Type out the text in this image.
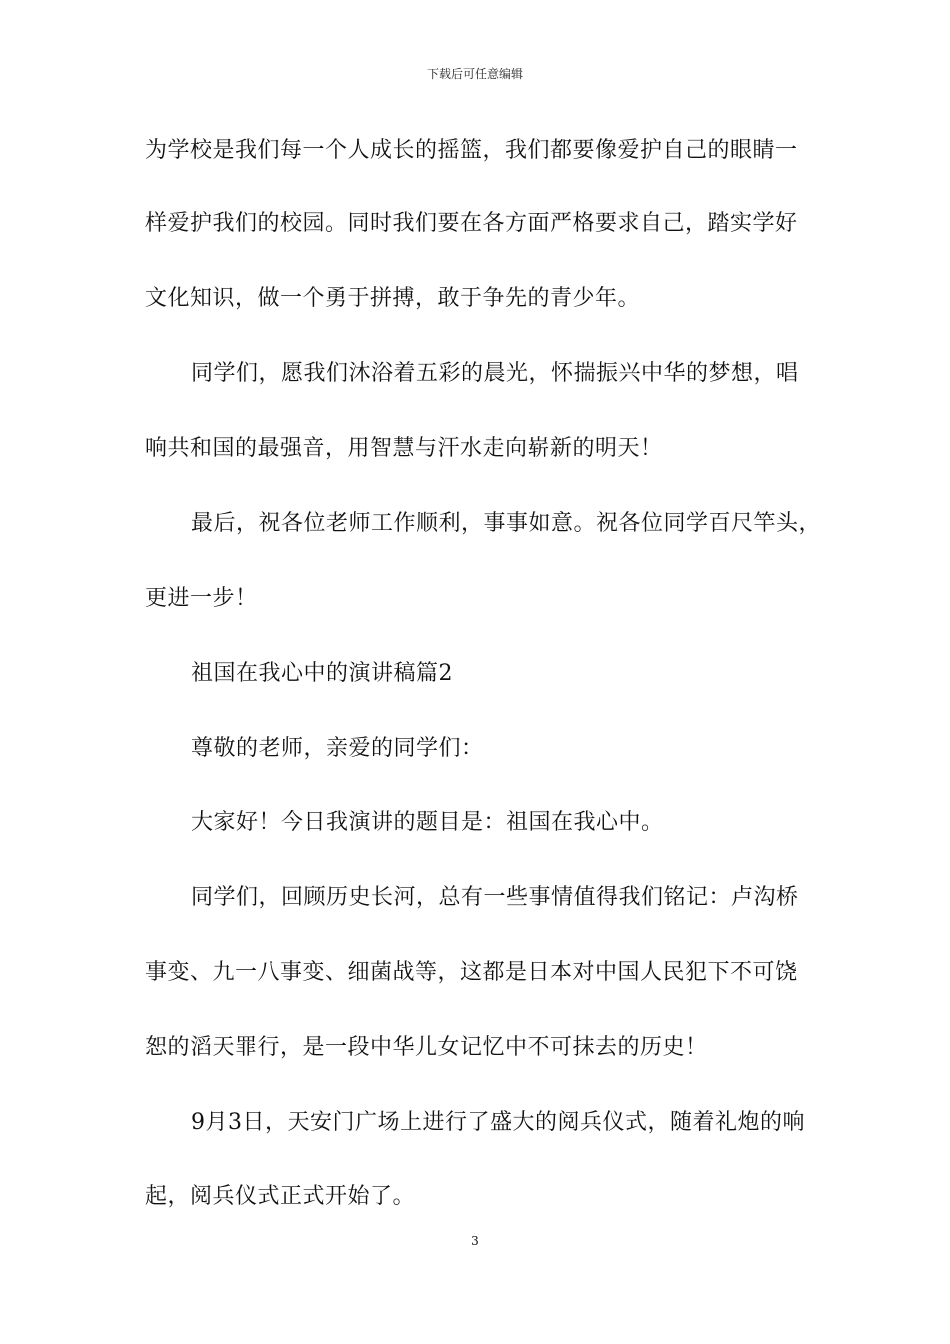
下载后可任意编辑
为学校是我们每一个人成长的摇篮，我们都要像爱护自己的眼睛一
样爱护我们的校园。同时我们要在各方面严格要求自己，踏实学好
文化知识，做一个勇于拼搏，敢于争先的青少年。
同学们，愿我们沐浴着五彩的晨光，怀揣振兴中华的梦想，唱
响共和国的最强音，用智慧与汗水走向崭新的明天！
最后，祝各位老师工作顺利，事事如意。祝各位同学百尺竿头，
更进一步！
祖国在我心中的演讲稿篇2
尊敬的老师，亲爱的同学们：
大家好！今日我演讲的题目是：祖国在我心中。
同学们，回顾历史长河，总有一些事情值得我们铭记：卢沟桥
事变、九一八事变、细菌战等，这都是日本对中国人民犯下不可饶
恕的滔天罪行，是一段中华儿女记忆中不可抹去的历史！
9月3日，天安门广场上进行了盛大的阅兵仪式，随着礼炮的响
起，阅兵仪式正式开始了。
3
